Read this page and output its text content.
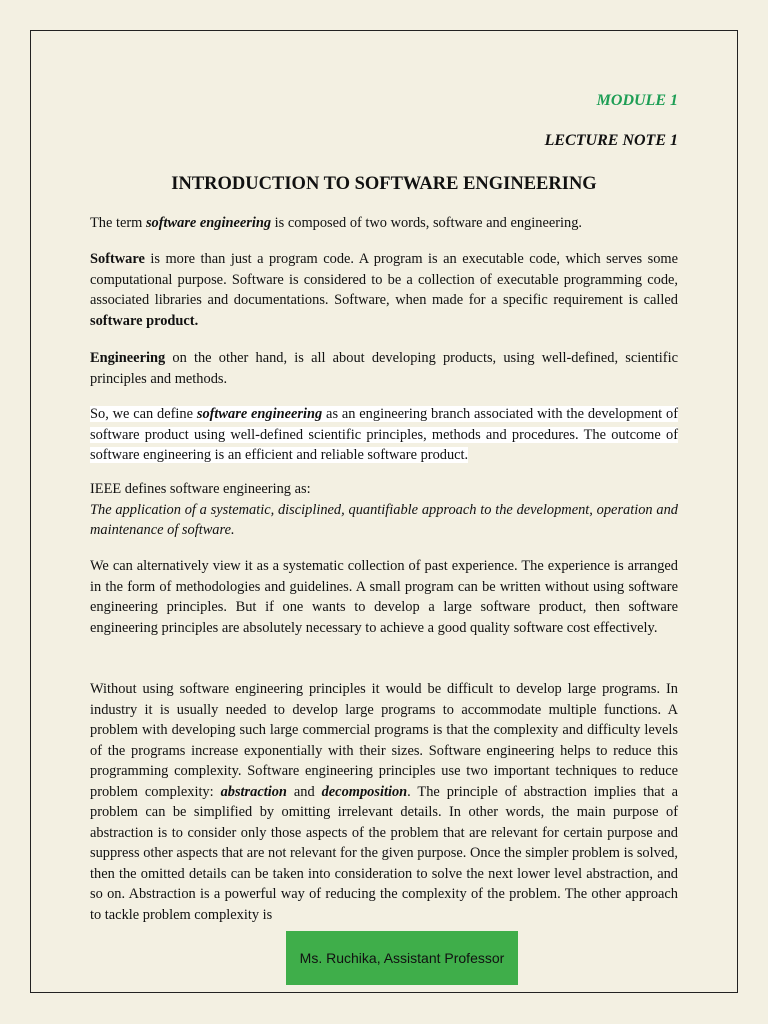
MODULE 1
LECTURE NOTE 1
INTRODUCTION TO SOFTWARE ENGINEERING
The term software engineering is composed of two words, software and engineering.
Software is more than just a program code. A program is an executable code, which serves some computational purpose. Software is considered to be a collection of executable programming code, associated libraries and documentations. Software, when made for a specific requirement is called software product.
Engineering on the other hand, is all about developing products, using well-defined, scientific principles and methods.
So, we can define software engineering as an engineering branch associated with the development of software product using well-defined scientific principles, methods and procedures. The outcome of software engineering is an efficient and reliable software product.
IEEE defines software engineering as:
The application of a systematic, disciplined, quantifiable approach to the development, operation and maintenance of software.
We can alternatively view it as a systematic collection of past experience. The experience is arranged in the form of methodologies and guidelines. A small program can be written without using software engineering principles. But if one wants to develop a large software product, then software engineering principles are absolutely necessary to achieve a good quality software cost effectively.
Without using software engineering principles it would be difficult to develop large programs. In industry it is usually needed to develop large programs to accommodate multiple functions. A problem with developing such large commercial programs is that the complexity and difficulty levels of the programs increase exponentially with their sizes. Software engineering helps to reduce this programming complexity. Software engineering principles use two important techniques to reduce problem complexity: abstraction and decomposition. The principle of abstraction implies that a problem can be simplified by omitting irrelevant details. In other words, the main purpose of abstraction is to consider only those aspects of the problem that are relevant for certain purpose and suppress other aspects that are not relevant for the given purpose. Once the simpler problem is solved, then the omitted details can be taken into consideration to solve the next lower level abstraction, and so on. Abstraction is a powerful way of reducing the complexity of the problem. The other approach to tackle problem complexity is
Ms. Ruchika, Assistant Professor
